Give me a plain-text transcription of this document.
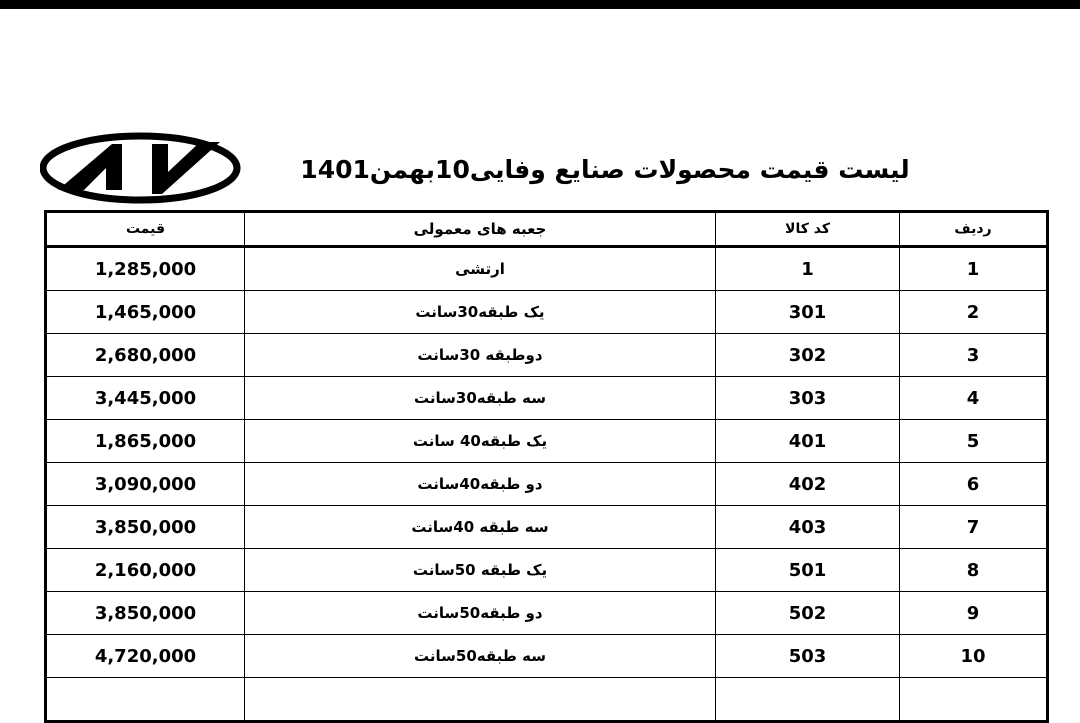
لیست قیمت محصولات صنایع وفایی10بهمن1401
قیمت	جعبه های معمولی	کد کالا	ردیف
1,285,000	ارتشی	1	1
1,465,000	یک طبقه30سانت	301	2
2,680,000	دوطبقه 30سانت	302	3
3,445,000	سه طبقه30سانت	303	4
1,865,000	یک طبقه40 سانت	401	5
3,090,000	دو طبقه40سانت	402	6
3,850,000	سه طبقه 40سانت	403	7
2,160,000	یک طبقه 50سانت	501	8
3,850,000	دو طبقه50سانت	502	9
4,720,000	سه طبقه50سانت	503	10
